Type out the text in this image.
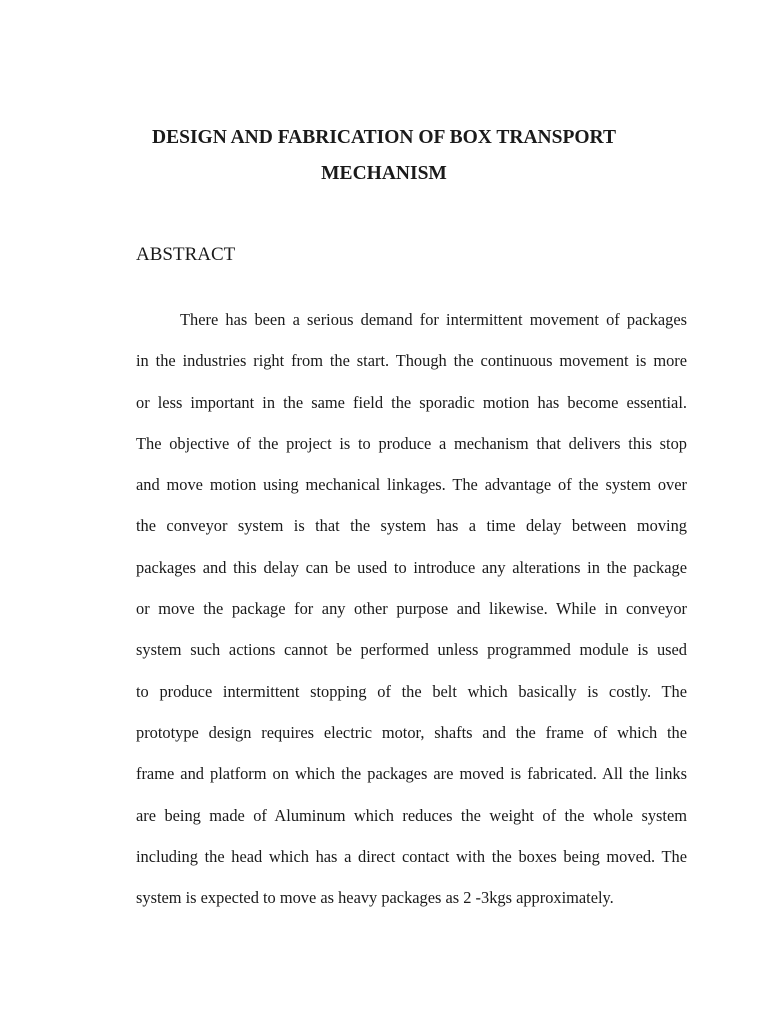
DESIGN AND FABRICATION OF BOX TRANSPORT
MECHANISM
ABSTRACT
There has been a serious demand for intermittent movement of packages
in the industries right from the start. Though the continuous movement is more
or less important in the same field the sporadic motion has become essential.
The objective of the project is to produce a mechanism that delivers this stop
and move motion using mechanical linkages. The advantage of the system over
the conveyor system is that the system has a time delay between moving
packages and this delay can be used to introduce any alterations in the package
or move the package for any other purpose and likewise. While in conveyor
system such actions cannot be performed unless programmed module is used
to produce intermittent stopping of the belt which basically is costly. The
prototype design requires electric motor, shafts and the frame of which the
frame and platform on which the packages are moved is fabricated. All the links
are being made of Aluminum which reduces the weight of the whole system
including the head which has a direct contact with the boxes being moved. The
system is expected to move as heavy packages as 2 -3kgs approximately.
